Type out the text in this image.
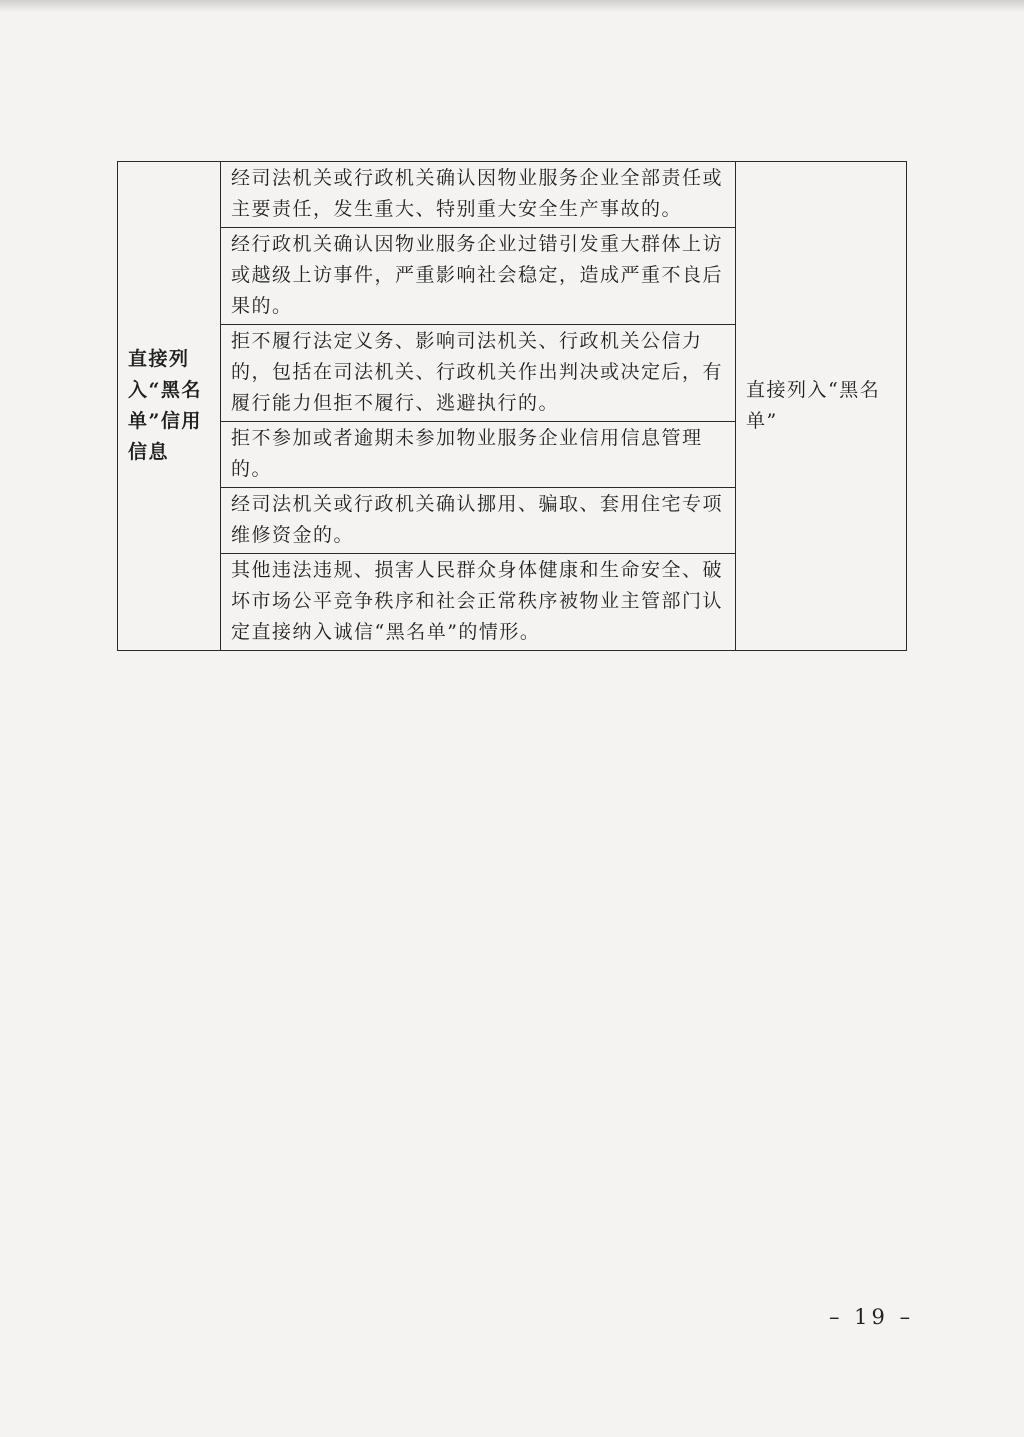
直接列入“黑名单”信用信息	经司法机关或行政机关确认因物业服务企业全部责任或主要责任，发生重大、特别重大安全生产事故的。	直接列入“黑名单”
经行政机关确认因物业服务企业过错引发重大群体上访或越级上访事件，严重影响社会稳定，造成严重不良后果的。
拒不履行法定义务、影响司法机关、行政机关公信力的，包括在司法机关、行政机关作出判决或决定后，有履行能力但拒不履行、逃避执行的。
拒不参加或者逾期未参加物业服务企业信用信息管理的。
经司法机关或行政机关确认挪用、骗取、套用住宅专项维修资金的。
其他违法违规、损害人民群众身体健康和生命安全、破坏市场公平竞争秩序和社会正常秩序被物业主管部门认定直接纳入诚信“黑名单”的情形。
– 19 –
